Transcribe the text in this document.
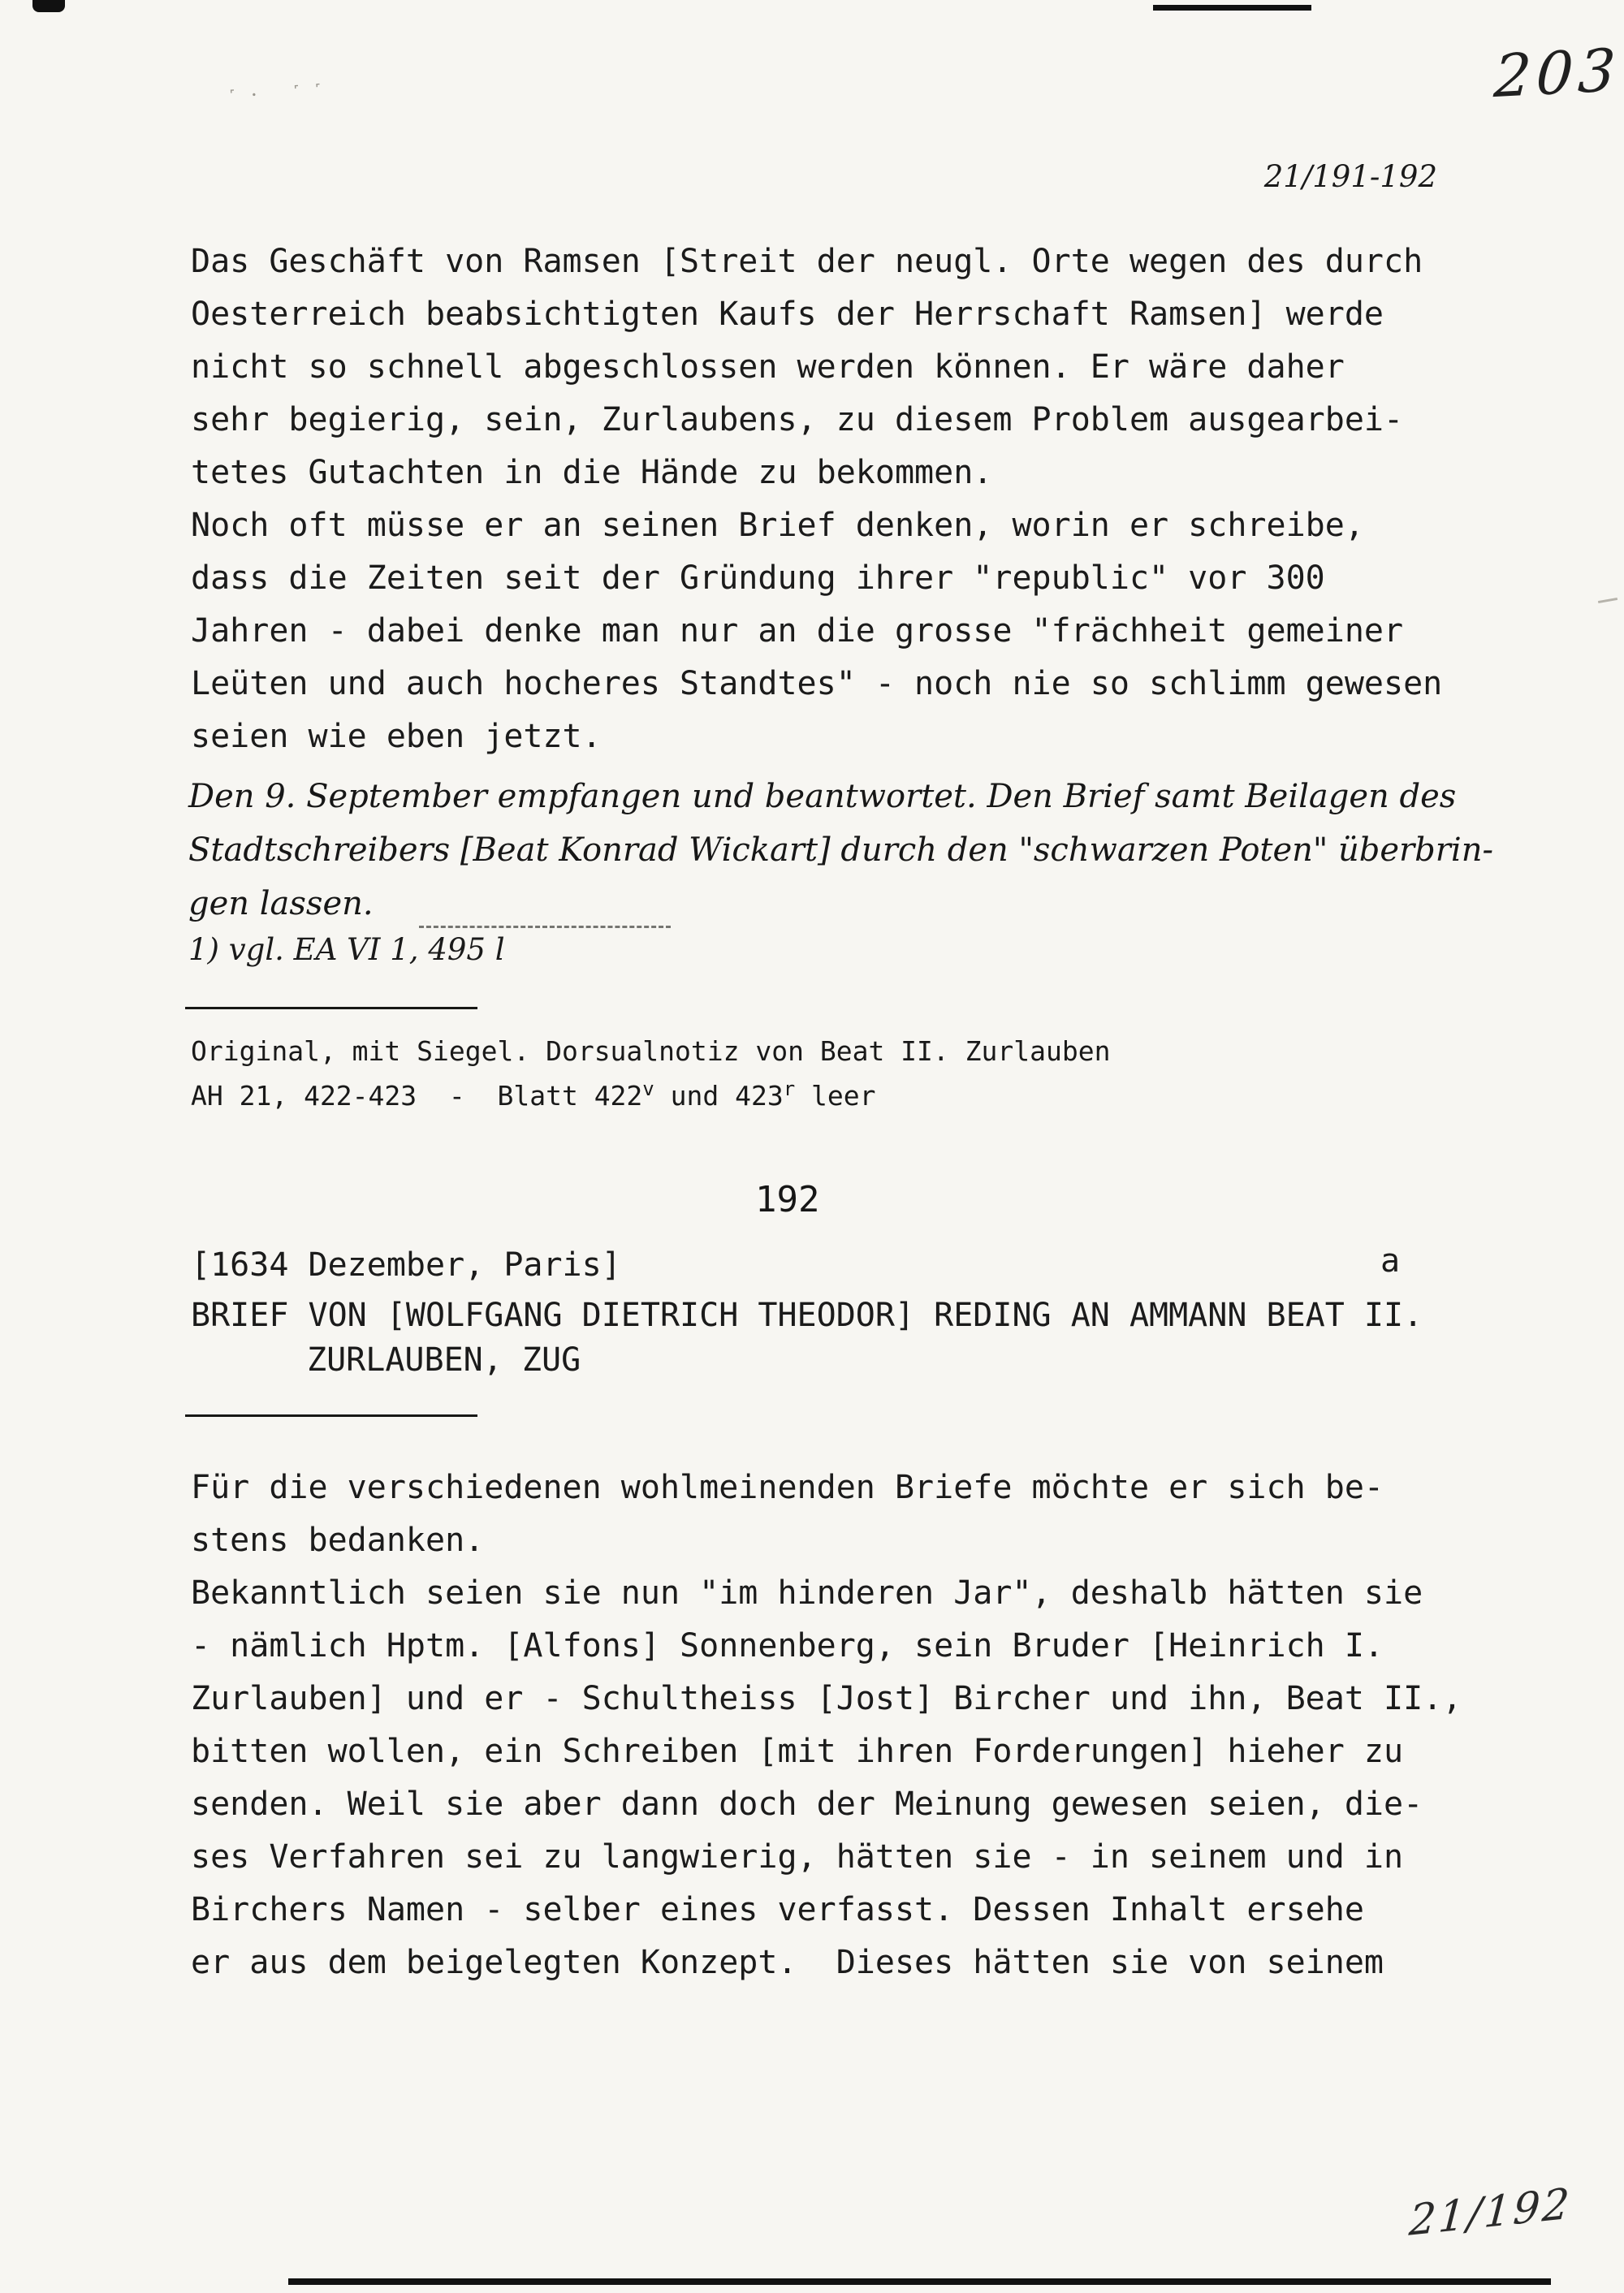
˹· ˹˹	203
21/191-192
Das Geschäft von Ramsen [Streit der neugl. Orte wegen des durch
Oesterreich beabsichtigten Kaufs der Herrschaft Ramsen] werde
nicht so schnell abgeschlossen werden können. Er wäre daher
sehr begierig, sein, Zurlaubens, zu diesem Problem ausgearbei-
tetes Gutachten in die Hände zu bekommen.
Noch oft müsse er an seinen Brief denken, worin er schreibe,
dass die Zeiten seit der Gründung ihrer "republic" vor 300
Jahren - dabei denke man nur an die grosse "frächheit gemeiner
Leüten und auch hocheres Standtes" - noch nie so schlimm gewesen
seien wie eben jetzt.
Den 9. September empfangen und beantwortet. Den Brief samt Beilagen des
Stadtschreibers [Beat Konrad Wickart] durch den "schwarzen Poten" überbrin-
gen lassen.
1) vgl. EA VI 1, 495 l
Original, mit Siegel. Dorsualnotiz von Beat II. Zurlauben
AH 21, 422-423  -  Blatt 422$^v$ und 423$^r$ leer
192
[1634 Dezember, Paris]	a
BRIEF VON [WOLFGANG DIETRICH THEODOR] REDING AN AMMANN BEAT II.
ZURLAUBEN, ZUG
Für die verschiedenen wohlmeinenden Briefe möchte er sich be-
stens bedanken.
Bekanntlich seien sie nun "im hinderen Jar", deshalb hätten sie
- nämlich Hptm. [Alfons] Sonnenberg, sein Bruder [Heinrich I.
Zurlauben] und er - Schultheiss [Jost] Bircher und ihn, Beat II.,
bitten wollen, ein Schreiben [mit ihren Forderungen] hieher zu
senden. Weil sie aber dann doch der Meinung gewesen seien, die-
ses Verfahren sei zu langwierig, hätten sie - in seinem und in
Birchers Namen - selber eines verfasst. Dessen Inhalt ersehe
er aus dem beigelegten Konzept.  Dieses hätten sie von seinem
21/192
